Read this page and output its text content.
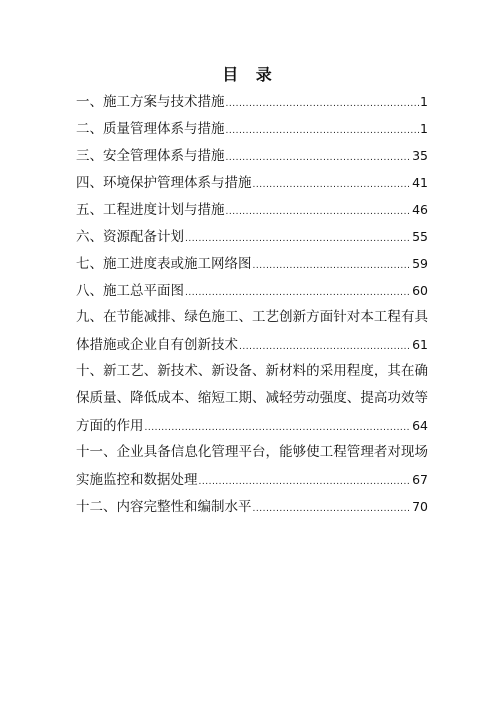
目 录
一、施工方案与技术措施 .....	1
二、质量管理体系与措施 .....	1
三、安全管理体系与措施 .....	35
四、环境保护管理体系与措施 .....	41
五、工程进度计划与措施 .....	46
六、资源配备计划 .....	55
七、施工进度表或施工网络图 .....	59
八、施工总平面图 .....	60
九、在节能减排、绿色施工、工艺创新方面针对本工程有具
体措施或企业自有创新技术 .....	61
十、新工艺、新技术、新设备、新材料的采用程度，其在确
保质量、降低成本、缩短工期、减轻劳动强度、提高功效等
方面的作用 .....	64
十一、企业具备信息化管理平台，能够使工程管理者对现场
实施监控和数据处理 .....	67
十二、内容完整性和编制水平 .....	70
